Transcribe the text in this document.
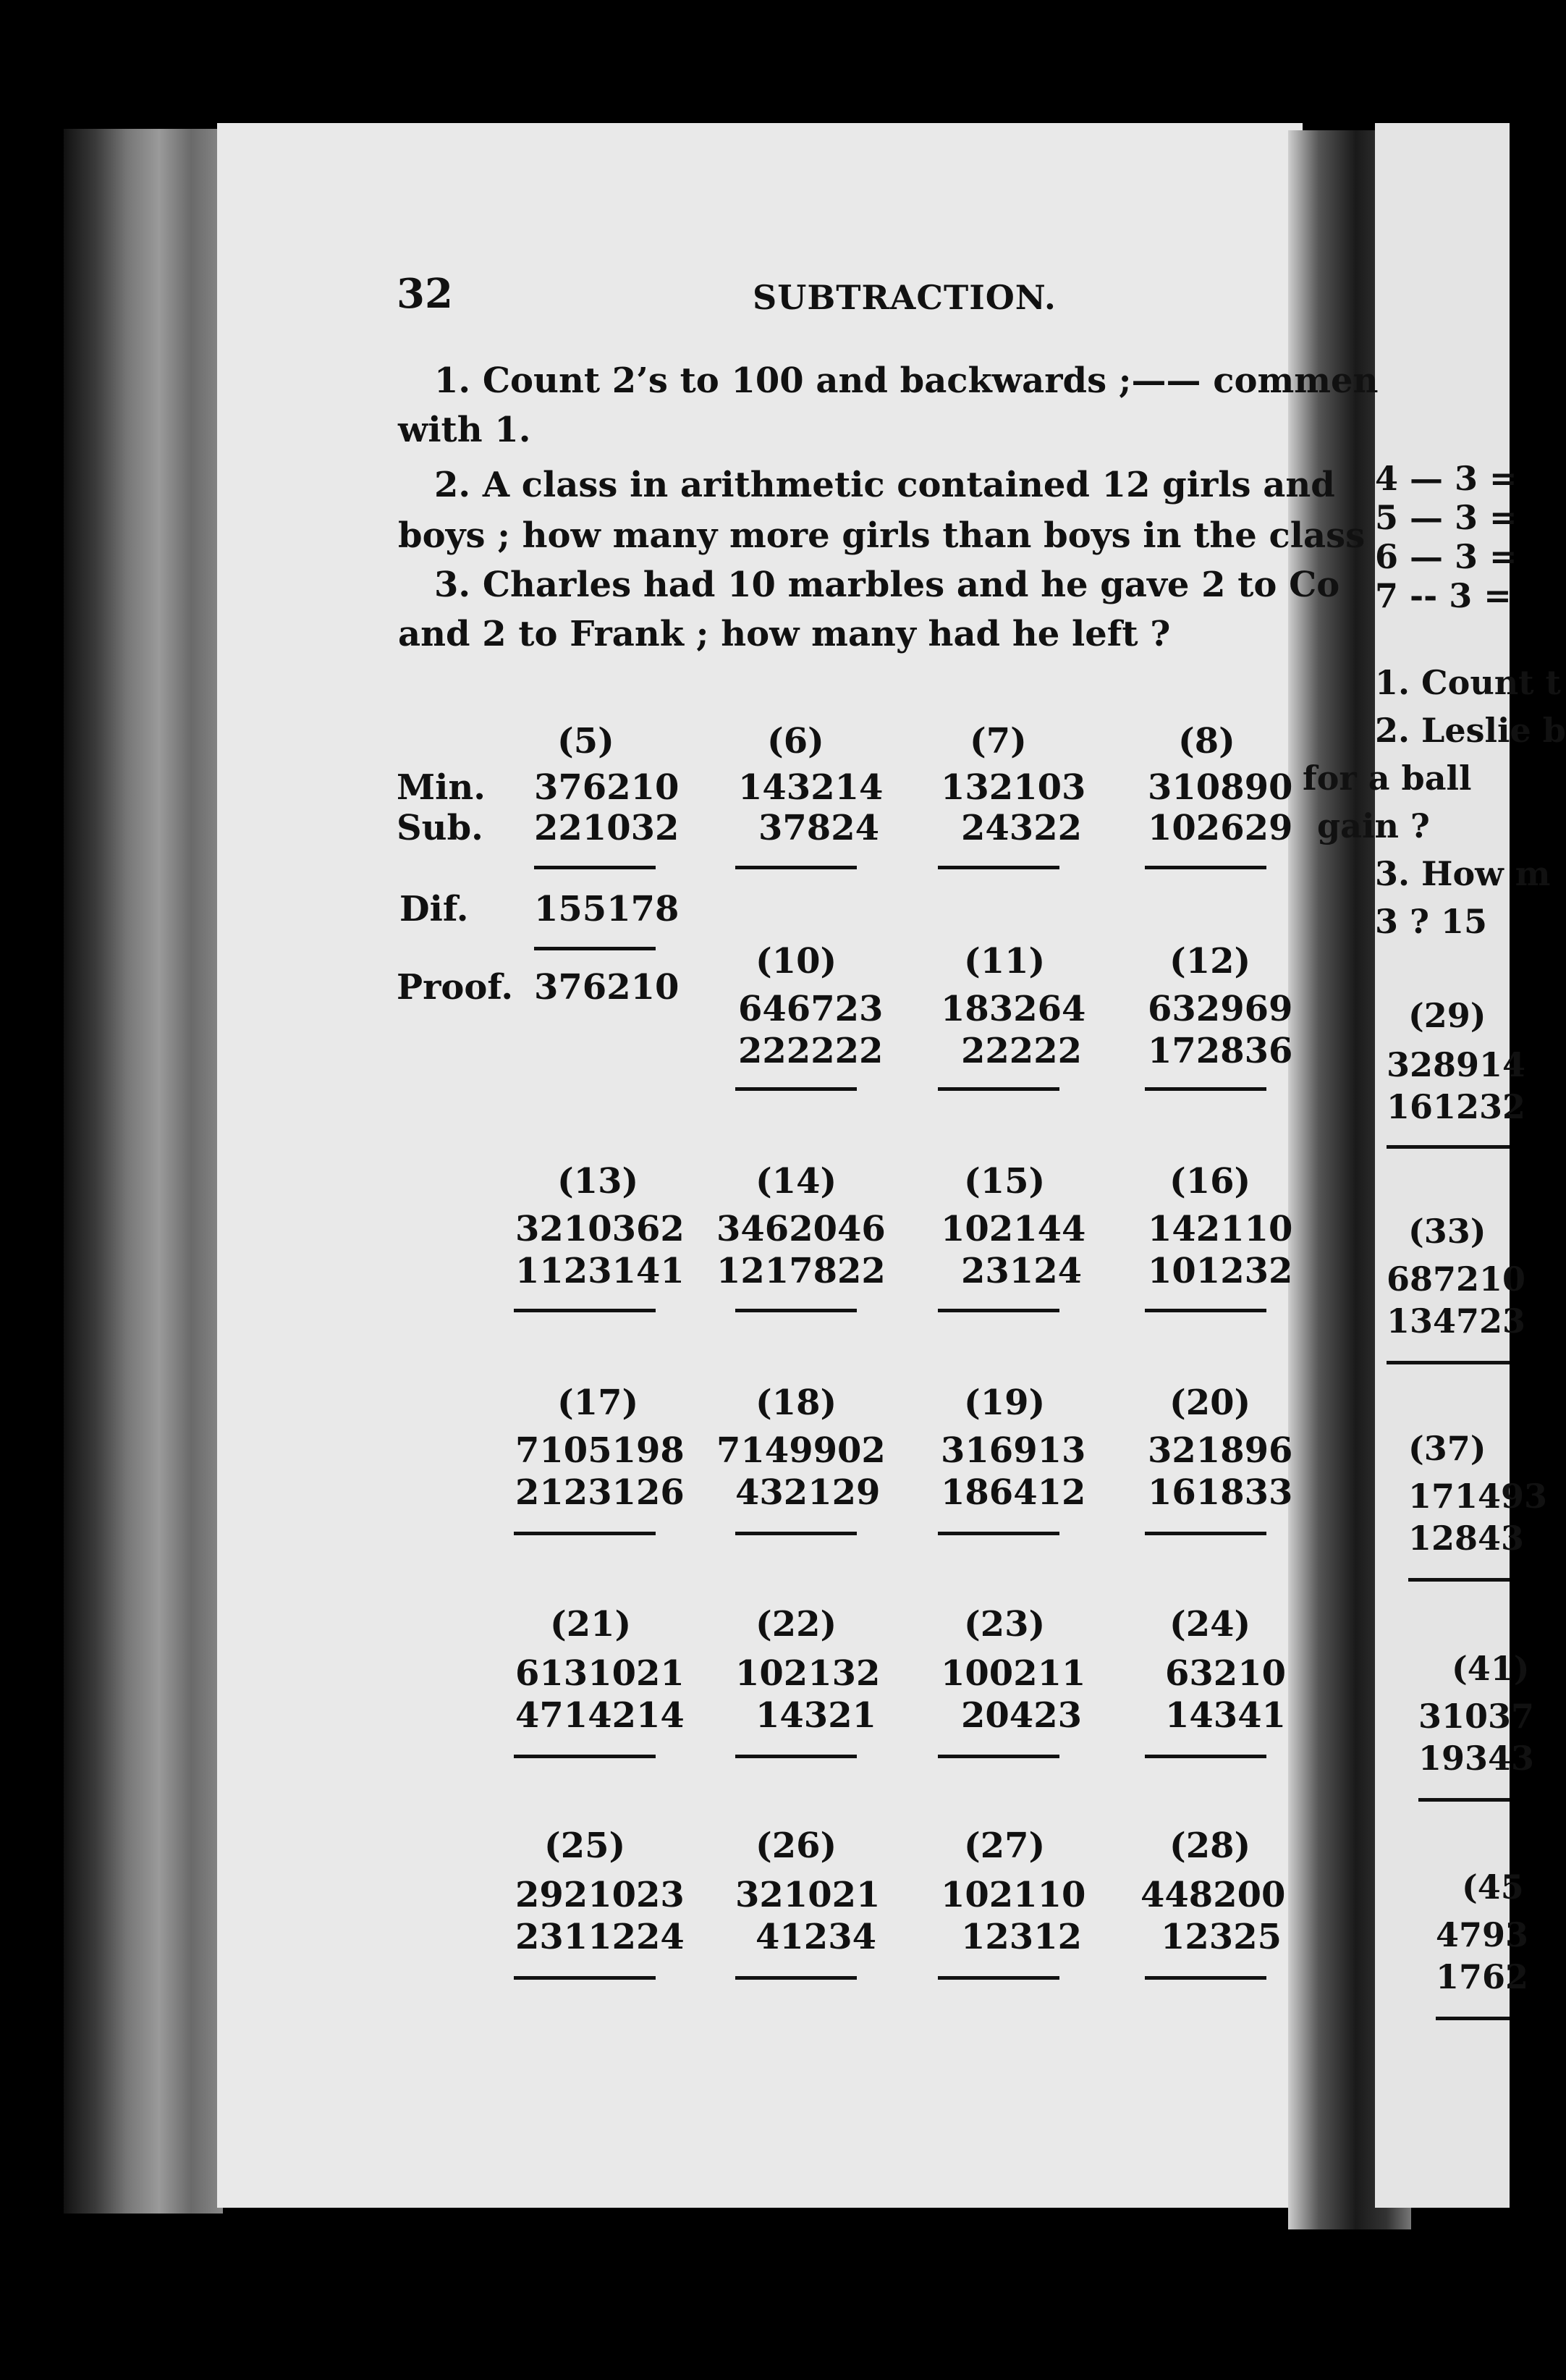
32	SUBTRACTION.
1. Count 2’s to 100 and backwards ;—— commen
with 1.
2. A class in arithmetic contained 12 girls and
boys ; how many more girls than boys in the class
3. Charles had 10 marbles and he gave 2 to Co
and 2 to Frank ; how many had he left ?
Min.
Sub.
Dif.
Proof.
(5)
376210
221032
155178
376210
(6)
143214
37824
(7)
132103
24322
(8)
310890
102629
(10)
646723
222222
(11)
183264
22222
(12)
632969
172836
(13)
3210362
1123141
(14)
3462046
1217822
(15)
102144
23124
(16)
142110
101232
(17)
7105198
2123126
(18)
7149902
432129
(19)
316913
186412
(20)
321896
161833
(21)
6131021
4714214
(22)
102132
14321
(23)
100211
20423
(24)
63210
14341
(25)
2921023
2311224
(26)
321021
41234
(27)
102110
12312
(28)
448200
12325
4 — 3 =
5 — 3 =
6 — 3 =
7 -- 3 =
1. Count t
2. Leslie b
for a ball
gain ?
3. How m
3 ? 15
(29)
328914
161232
(33)
687210
134723
(37)
171493
12843
(41)
31037
19343
(45
4793
1762
